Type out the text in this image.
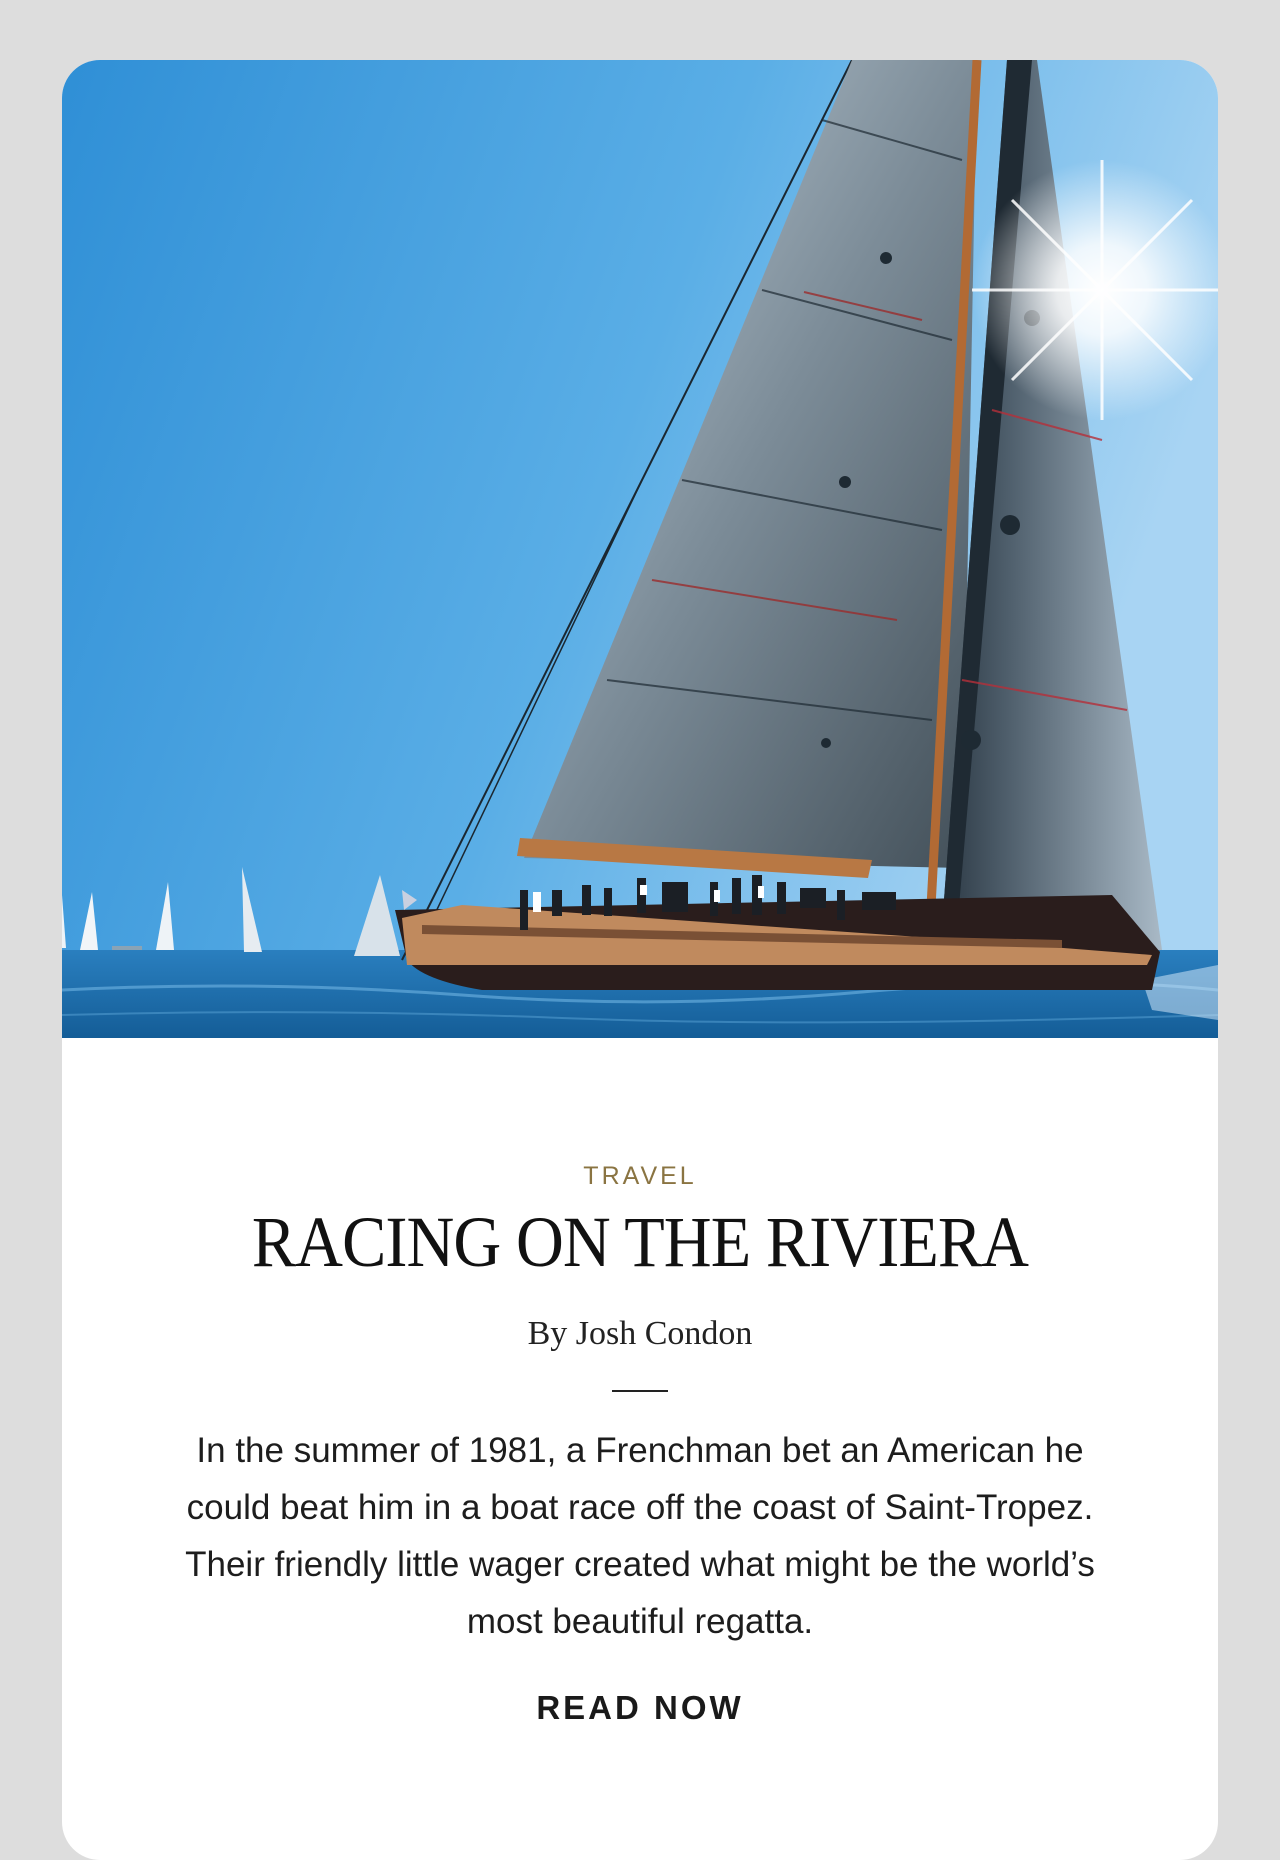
TRAVEL
RACING ON THE RIVIERA
By Josh Condon
In the summer of 1981, a Frenchman bet an American he could beat him in a boat race off the coast of Saint-Tropez. Their friendly little wager created what might be the world’s most beautiful regatta.
READ NOW
